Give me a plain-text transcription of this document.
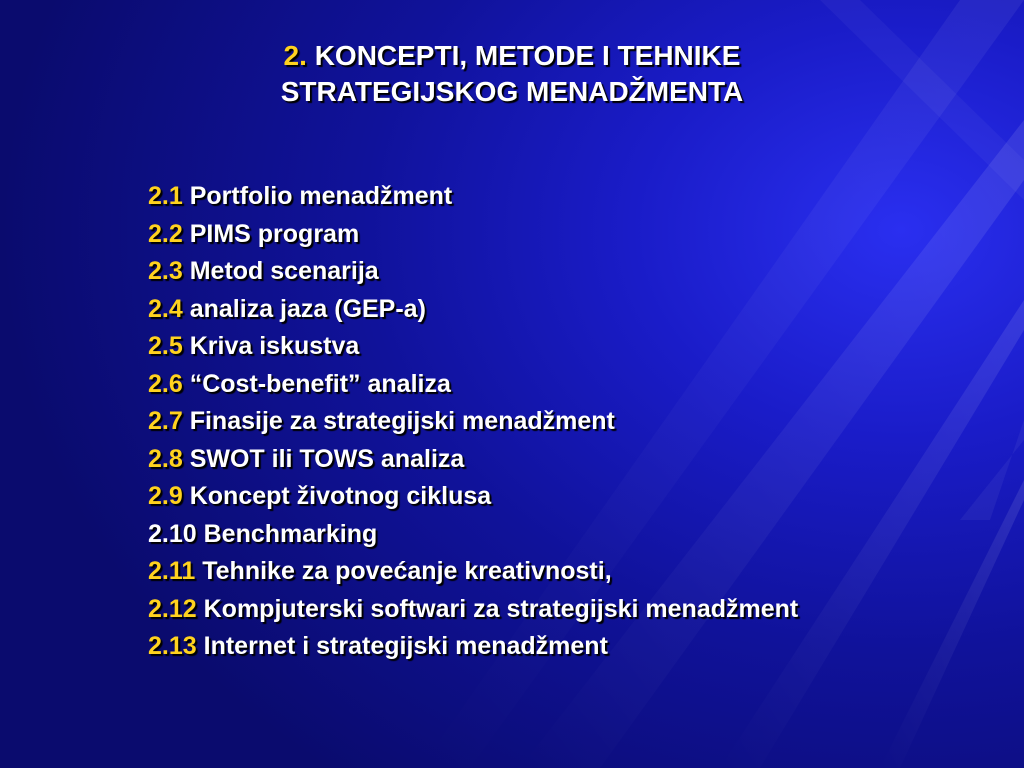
2. KONCEPTI, METODE I TEHNIKE
STRATEGIJSKOG MENADŽMENTA
2.1 Portfolio menadžment
2.2 PIMS program
2.3 Metod scenarija
2.4 analiza jaza (GEP-a)
2.5 Kriva iskustva
2.6 “Cost-benefit” analiza
2.7 Finasije za strategijski menadžment
2.8 SWOT ili TOWS analiza
2.9 Koncept životnog ciklusa
2.10 Benchmarking
2.11 Tehnike za povećanje kreativnosti,
2.12 Kompjuterski softwari za strategijski menadžment
2.13 Internet i strategijski menadžment
